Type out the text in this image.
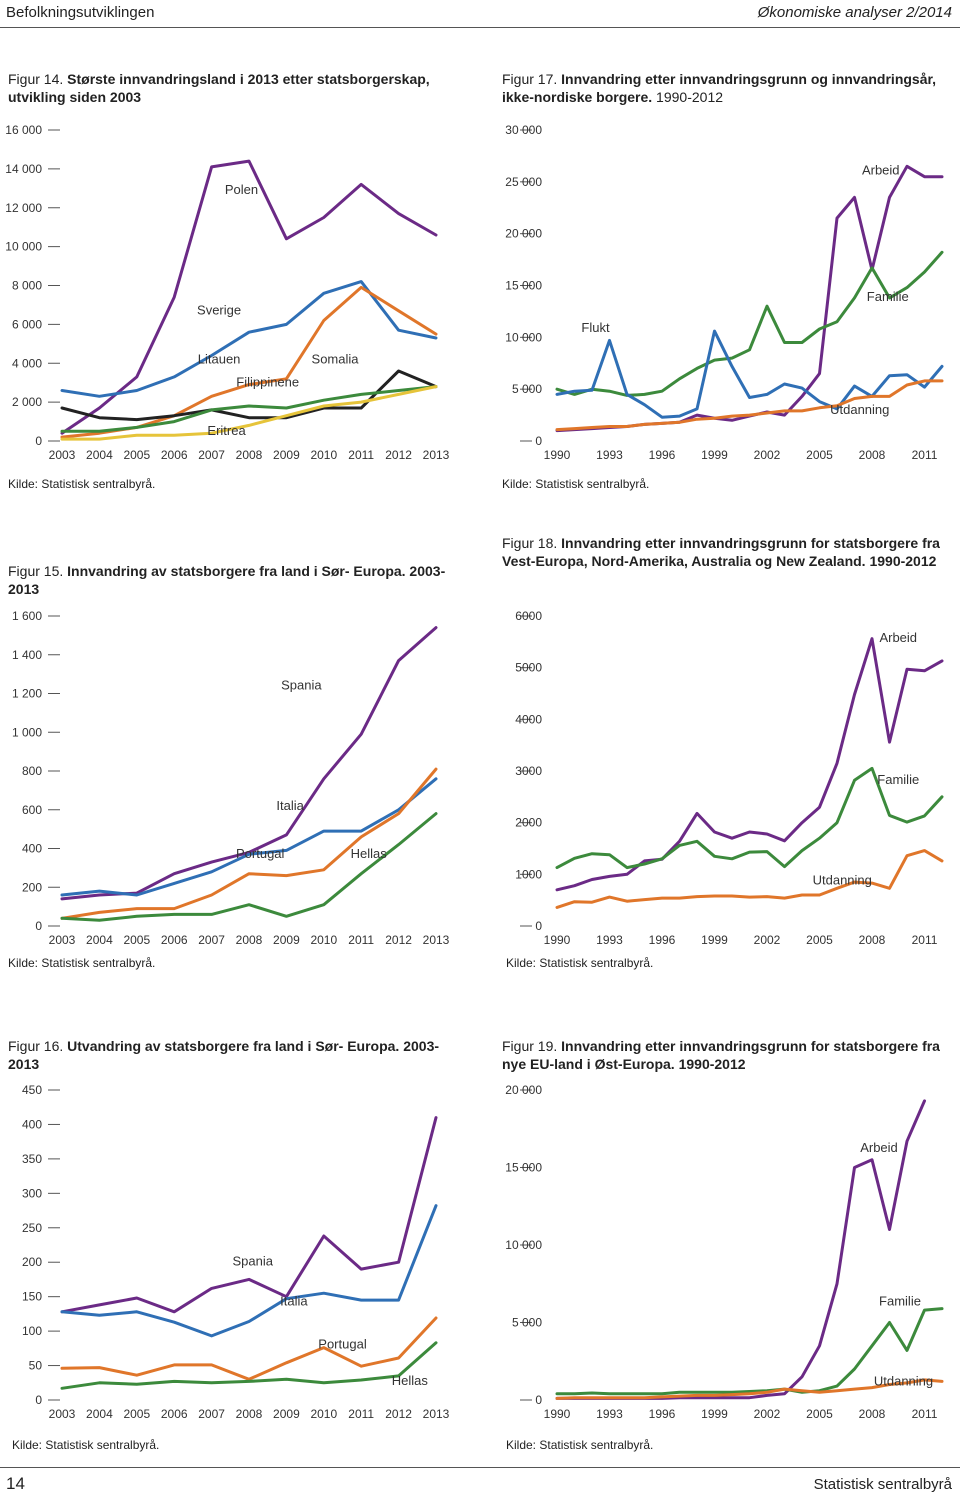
Befolkningsutviklingen	Økonomiske analyser 2/2014
Figur 14. Største innvandringsland i 2013 etter statsborgerskap, utvikling siden 2003
0
2 000
4 000
6 000
8 000
10 000
12 000
14 000
16 000
2003 2004 2005 2006 2007 2008 2009 2010 2011 2012 2013
Polen
Sverige
Litauen	Somalia
Filippinene
Eritrea
Kilde: Statistisk sentralbyrå.
Figur 17. Innvandring etter innvandringsgrunn og innvandringsår, ikke-nordiske borgere. 1990-2012
0
5 000
10 000
15 000
20 000
25 000
30 000
1990 1993 1996 1999 2002 2005 2008 2011
Arbeid
Familie
Flukt
Utdanning
Kilde: Statistisk sentralbyrå.
Figur 15. Innvandring av statsborgere fra land i Sør- Europa. 2003-2013
0
200
400
600
800
1 000
1 200
1 400
1 600
2003 2004 2005 2006 2007 2008 2009 2010 2011 2012 2013
Spania
Italia
Portugal	Hellas
Kilde: Statistisk sentralbyrå.
Figur 18. Innvandring etter innvandringsgrunn for statsborgere fra Vest-Europa, Nord-Amerika, Australia og New Zealand. 1990-2012
0
1000
2000
3000
4000
5000
6000
1990 1993 1996 1999 2002 2005 2008 2011
Arbeid
Familie
Utdanning
Kilde: Statistisk sentralbyrå.
Figur 16. Utvandring av statsborgere fra land i Sør- Europa. 2003-2013
0
50
100
150
200
250
300
350
400
450
2003 2004 2005 2006 2007 2008 2009 2010 2011 2012 2013
Spania
Italia
Portugal
Hellas
Kilde: Statistisk sentralbyrå.
Figur 19. Innvandring etter innvandringsgrunn for statsborgere fra nye EU-land i Øst-Europa. 1990-2012
0
5 000
10 000
15 000
20 000
1990 1993 1996 1999 2002 2005 2008 2011
Arbeid
Familie
Utdanning
Kilde: Statistisk sentralbyrå.
14	Statistisk sentralbyrå
